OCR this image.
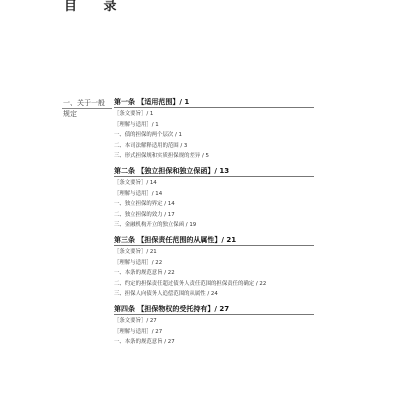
目 录
一、关于一般规定
第一条 【适用范围】/ 1
［条文要旨］/ 1
［理解与适用］/ 1
一、债的担保的两个层次 / 1
二、本司法解释适用的范围 / 3
三、形式担保规和实质担保规的差异 / 5
第二条 【独立担保和独立保函】/ 13
［条文要旨］/ 14
［理解与适用］/ 14
一、独立担保的界定 / 14
二、独立担保的效力 / 17
三、金融机构开立的独立保函 / 19
第三条 【担保责任范围的从属性】/ 21
［条文要旨］/ 21
［理解与适用］/ 22
一、本条的规范意旨 / 22
二、约定的担保责任超过债务人责任范围的担保责任的确定 / 22
三、担保人向债务人追偿范围的从属性 / 24
第四条 【担保物权的受托持有】/ 27
［条文要旨］/ 27
［理解与适用］/ 27
一、本条的规范意旨 / 27
